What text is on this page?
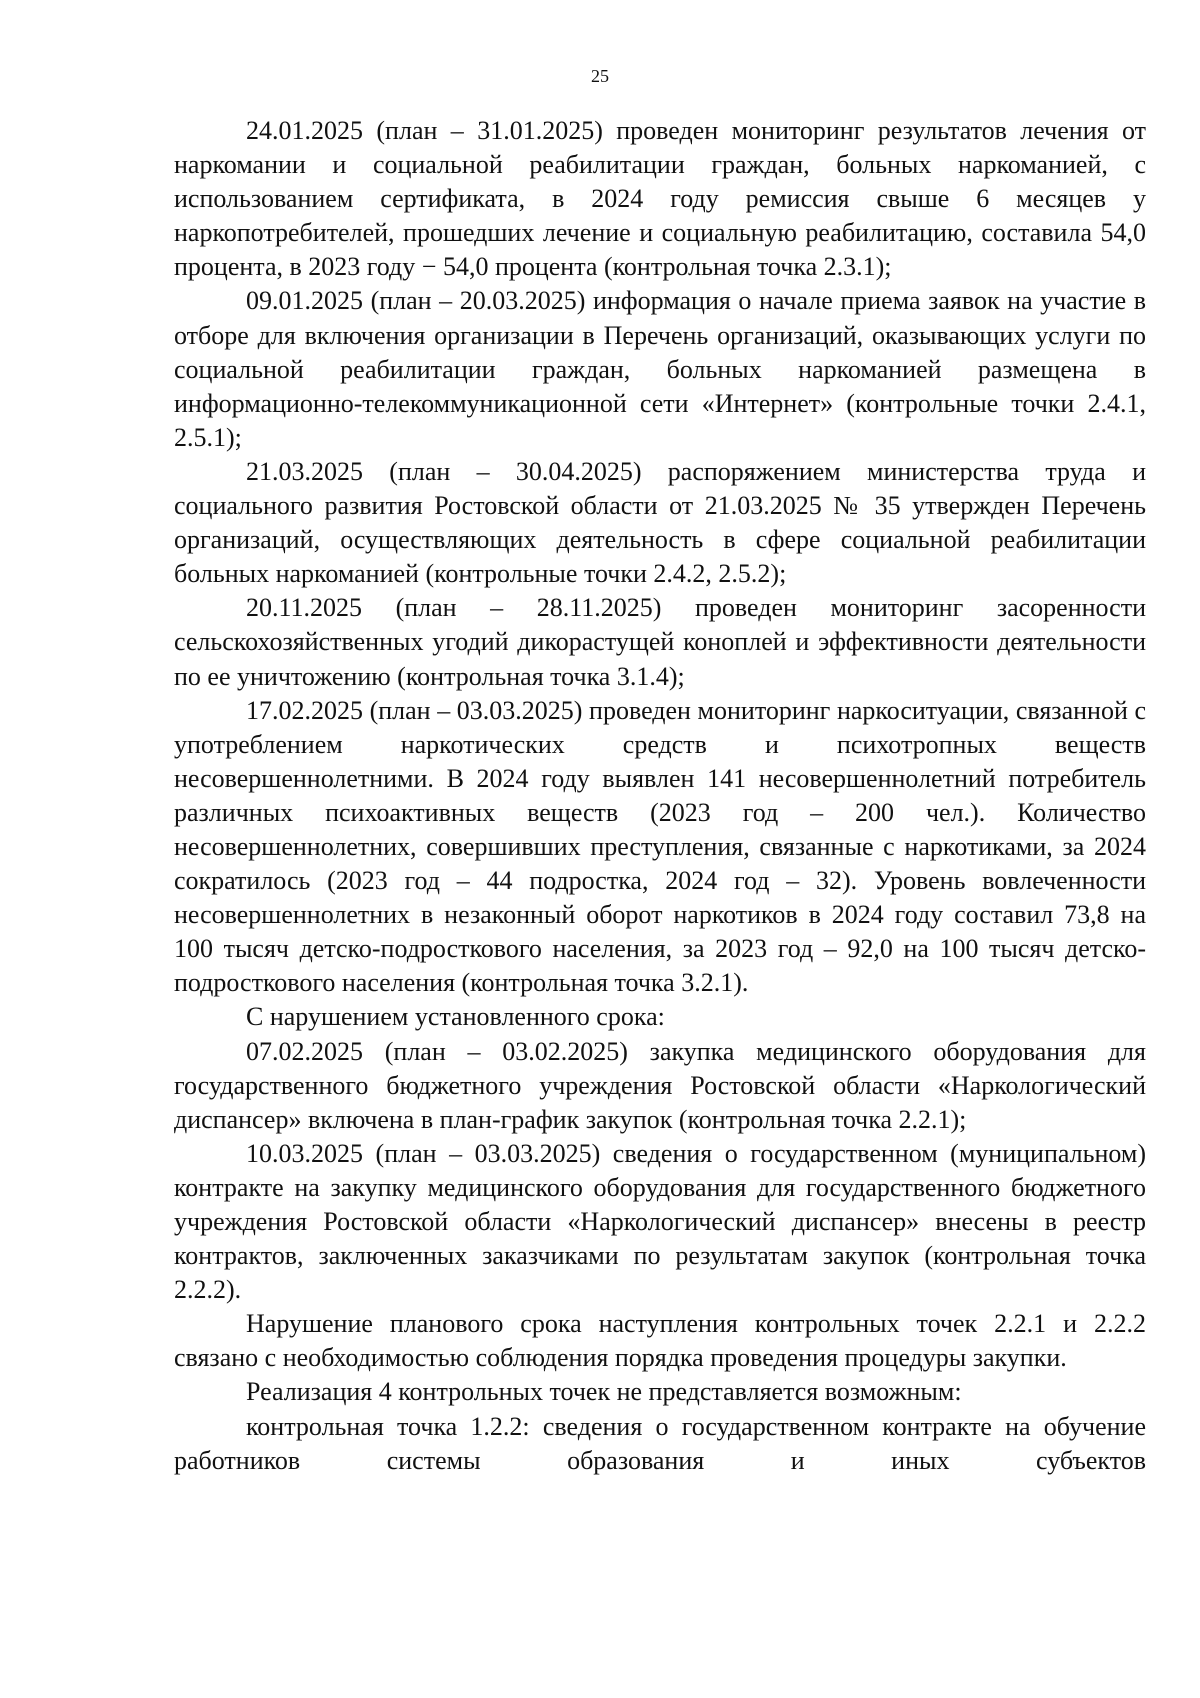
25

24.01.2025 (план – 31.01.2025) проведен мониторинг результатов лечения от наркомании и социальной реабилитации граждан, больных наркоманией, с использованием сертификата, в 2024 году ремиссия свыше 6 месяцев у наркопотребителей, прошедших лечение и социальную реабилитацию, составила 54,0 процента, в 2023 году − 54,0 процента (контрольная точка 2.3.1);

09.01.2025 (план – 20.03.2025) информация о начале приема заявок на участие в отборе для включения организации в Перечень организаций, оказывающих услуги по социальной реабилитации граждан, больных наркоманией размещена в информационно-телекоммуникационной сети «Интернет» (контрольные точки 2.4.1, 2.5.1);

21.03.2025 (план – 30.04.2025) распоряжением министерства труда и социального развития Ростовской области от 21.03.2025 № 35 утвержден Перечень организаций, осуществляющих деятельность в сфере социальной реабилитации больных наркоманией (контрольные точки 2.4.2, 2.5.2);

20.11.2025 (план – 28.11.2025) проведен мониторинг засоренности сельскохозяйственных угодий дикорастущей коноплей и эффективности деятельности по ее уничтожению (контрольная точка 3.1.4);

17.02.2025 (план – 03.03.2025) проведен мониторинг наркоситуации, связанной с употреблением наркотических средств и психотропных веществ несовершеннолетними. В 2024 году выявлен 141 несовершеннолетний потребитель различных психоактивных веществ (2023 год – 200 чел.). Количество несовершеннолетних, совершивших преступления, связанные с наркотиками, за 2024 сократилось (2023 год – 44 подростка, 2024 год – 32). Уровень вовлеченности несовершеннолетних в незаконный оборот наркотиков в 2024 году составил 73,8 на 100 тысяч детско-подросткового населения, за 2023 год – 92,0 на 100 тысяч детско-подросткового населения (контрольная точка 3.2.1).

С нарушением установленного срока:

07.02.2025 (план – 03.02.2025) закупка медицинского оборудования для государственного бюджетного учреждения Ростовской области «Наркологический диспансер» включена в план-график закупок (контрольная точка 2.2.1);

10.03.2025 (план – 03.03.2025) сведения о государственном (муниципальном) контракте на закупку медицинского оборудования для государственного бюджетного учреждения Ростовской области «Наркологический диспансер» внесены в реестр контрактов, заключенных заказчиками по результатам закупок (контрольная точка 2.2.2).

Нарушение планового срока наступления контрольных точек 2.2.1 и 2.2.2 связано с необходимостью соблюдения порядка проведения процедуры закупки.

Реализация 4 контрольных точек не представляется возможным:

контрольная точка 1.2.2: сведения о государственном контракте на обучение работников системы образования и иных субъектов
